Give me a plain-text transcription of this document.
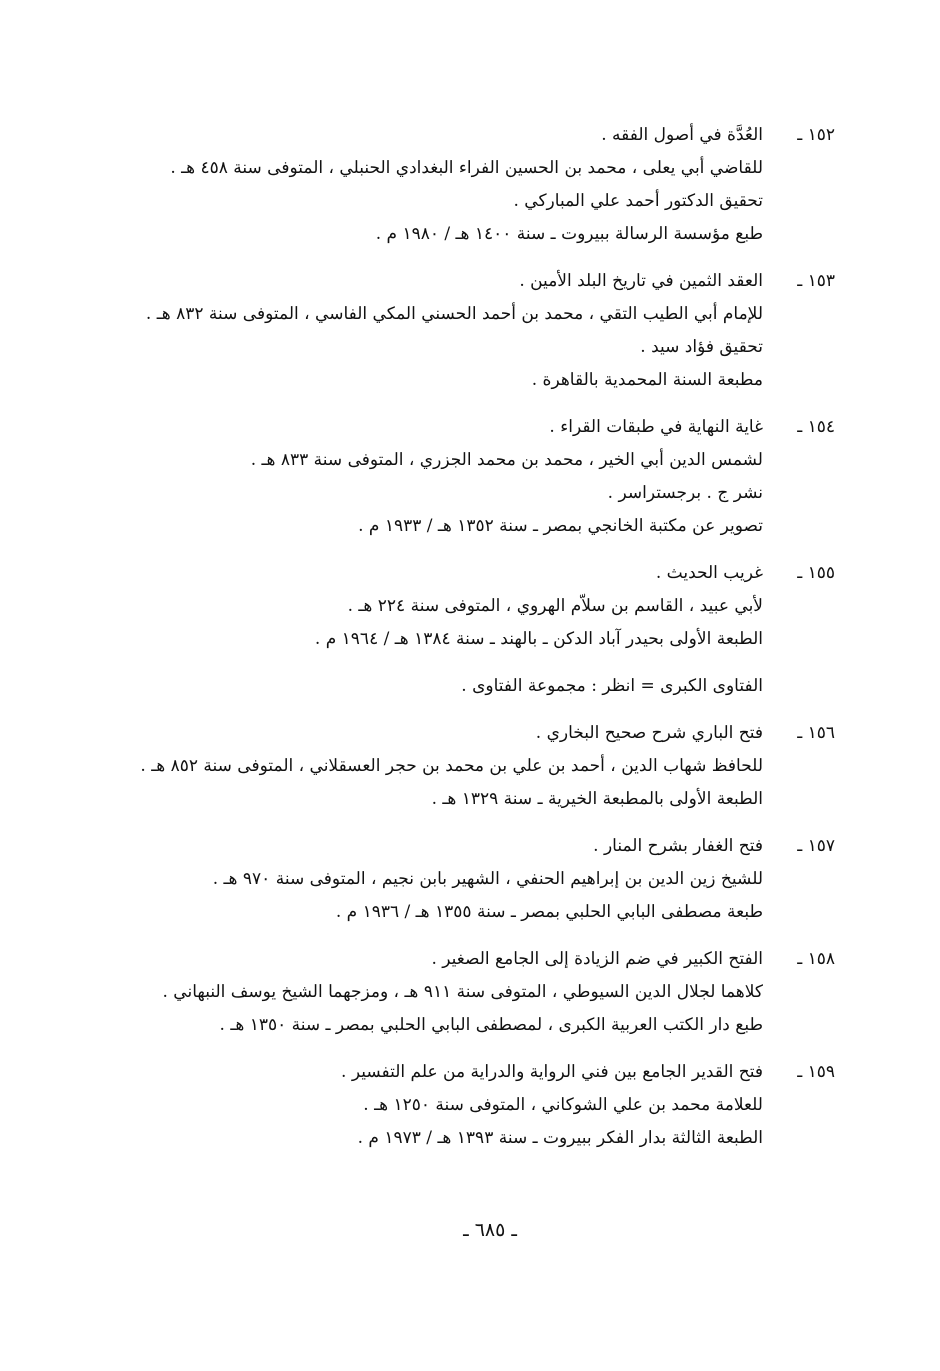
١٥٢ ـ
العُدَّة في أصول الفقه .
للقاضي أبي يعلى ، محمد بن الحسين الفراء البغدادي الحنبلي ، المتوفى سنة ٤٥٨ هـ .
تحقيق الدكتور أحمد علي المباركي .
طبع مؤسسة الرسالة ببيروت ـ سنة ١٤٠٠ هـ / ١٩٨٠ م .
١٥٣ ـ
العقد الثمين في تاريخ البلد الأمين .
للإمام أبي الطيب التقي ، محمد بن أحمد الحسني المكي الفاسي ، المتوفى سنة ٨٣٢ هـ .
تحقيق فؤاد سيد .
مطبعة السنة المحمدية بالقاهرة .
١٥٤ ـ
غاية النهاية في طبقات القراء .
لشمس الدين أبي الخير ، محمد بن محمد الجزري ، المتوفى سنة ٨٣٣ هـ .
نشر ج . برجستراسر .
تصوير عن مكتبة الخانجي بمصر ـ سنة ١٣٥٢ هـ / ١٩٣٣ م .
١٥٥ ـ
غريب الحديث .
لأبي عبيد ، القاسم بن سلاّم الهروي ، المتوفى سنة ٢٢٤ هـ .
الطبعة الأولى بحيدر آباد الدكن ـ بالهند ـ سنة ١٣٨٤ هـ / ١٩٦٤ م .
الفتاوى الكبرى = انظر : مجموعة الفتاوى .
١٥٦ ـ
فتح الباري شرح صحيح البخاري .
للحافظ شهاب الدين ، أحمد بن علي بن محمد بن حجر العسقلاني ، المتوفى سنة ٨٥٢ هـ .
الطبعة الأولى بالمطبعة الخيرية ـ سنة ١٣٢٩ هـ .
١٥٧ ـ
فتح الغفار بشرح المنار .
للشيخ زين الدين بن إبراهيم الحنفي ، الشهير بابن نجيم ، المتوفى سنة ٩٧٠ هـ .
طبعة مصطفى البابي الحلبي بمصر ـ سنة ١٣٥٥ هـ / ١٩٣٦ م .
١٥٨ ـ
الفتح الكبير في ضم الزيادة إلى الجامع الصغير .
كلاهما لجلال الدين السيوطي ، المتوفى سنة ٩١١ هـ ، ومزجهما الشيخ يوسف النبهاني .
طبع دار الكتب العربية الكبرى ، لمصطفى البابي الحلبي بمصر ـ سنة ١٣٥٠ هـ .
١٥٩ ـ
فتح القدير الجامع بين فني الرواية والدراية من علم التفسير .
للعلامة محمد بن علي الشوكاني ، المتوفى سنة ١٢٥٠ هـ .
الطبعة الثالثة بدار الفكر ببيروت ـ سنة ١٣٩٣ هـ / ١٩٧٣ م .
ـ ٦٨٥ ـ
